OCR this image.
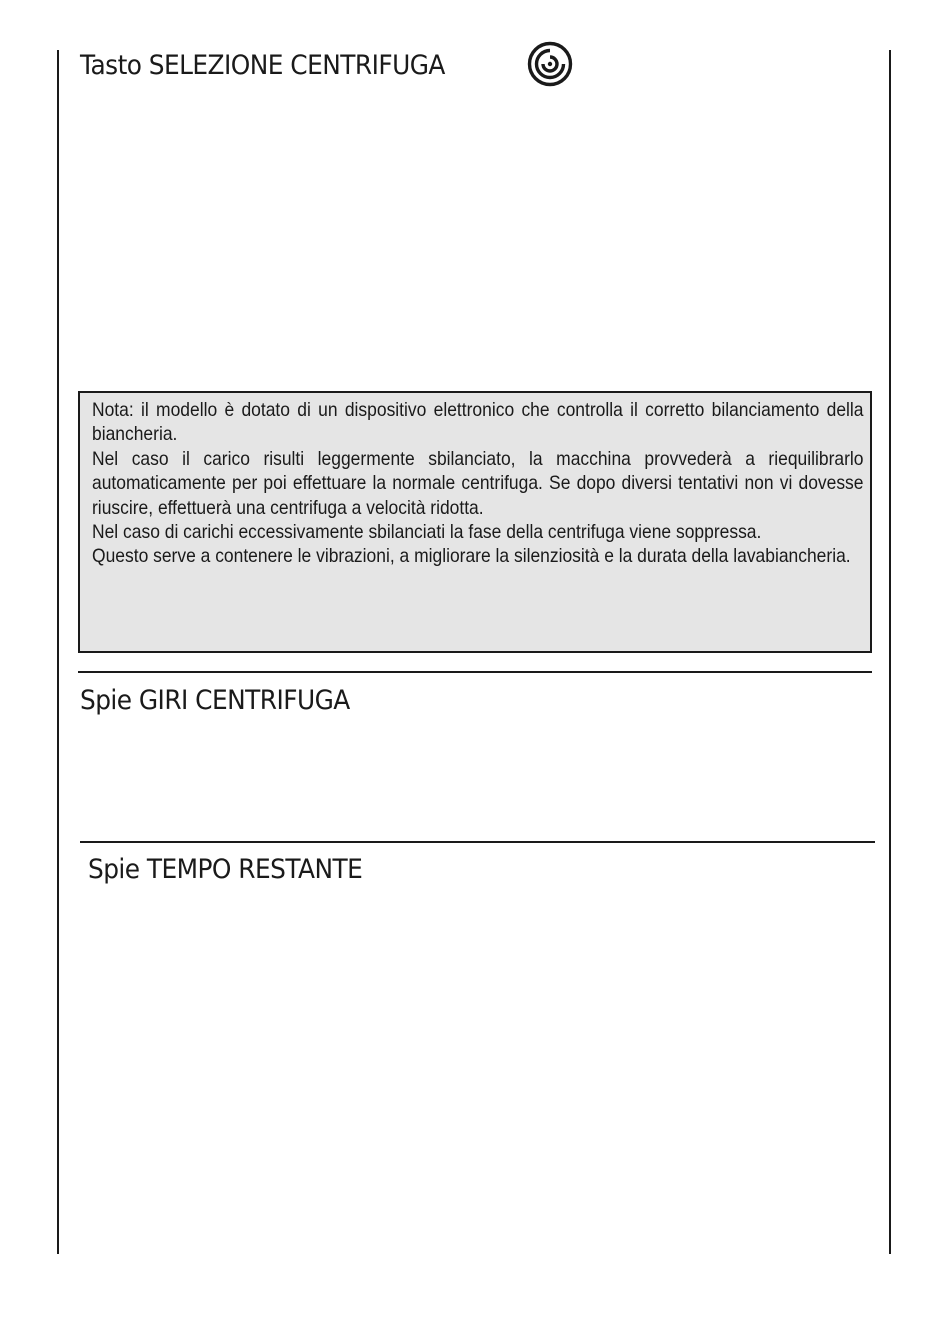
Tasto SELEZIONE CENTRIFUGA

Nota: il modello è dotato di un dispositivo elettronico che controlla il corretto bilanciamento della biancheria.

Nel caso il carico risulti leggermente sbilanciato, la macchina provvederà a riequilibrarlo automaticamente per poi effettuare la normale centrifuga. Se dopo diversi tentativi non vi dovesse riuscire, effettuerà una centrifuga a velocità ridotta.

Nel caso di carichi eccessivamente sbilanciati la fase della centrifuga viene soppressa.

Questo serve a contenere le vibrazioni, a migliorare la silenziosità e la durata della lavabiancheria.

Spie GIRI CENTRIFUGA
Spie TEMPO RESTANTE
